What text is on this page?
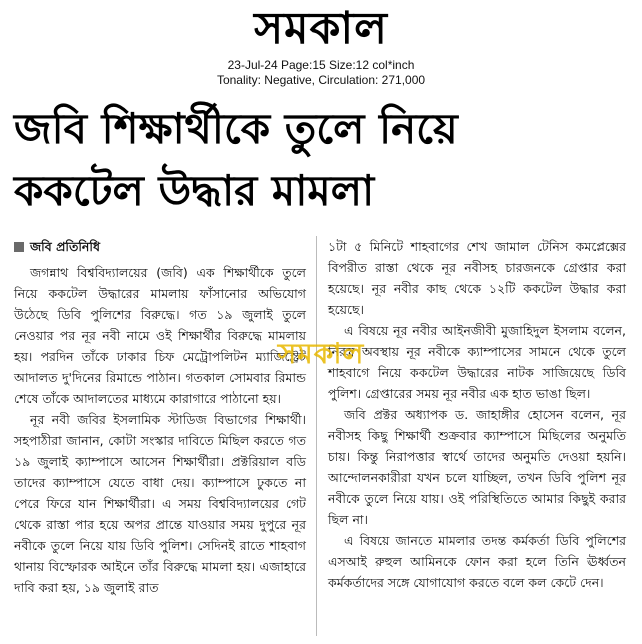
সমকাল
23-Jul-24 Page:15 Size:12 col*inch
Tonality: Negative, Circulation: 271,000
জবি শিক্ষার্থীকে তুলে নিয়ে
ককটেল উদ্ধার মামলা
জবি প্রতিনিধি

জগন্নাথ বিশ্ববিদ্যালয়ের (জবি) এক শিক্ষার্থীকে তুলে নিয়ে ককটেল উদ্ধারের মামলায় ফাঁসানোর অভিযোগ উঠেছে ডিবি পুলিশের বিরুদ্ধে। গত ১৯ জুলাই তুলে নেওয়ার পর নূর নবী নামে ওই শিক্ষার্থীর বিরুদ্ধে মামলায় হয়। পরদিন তাঁকে ঢাকার চিফ মেট্রোপলিটন ম্যাজিস্ট্রেট আদালত দু'দিনের রিমান্ডে পাঠান। গতকাল সোমবার রিমান্ড শেষে তাঁকে আদালতের মাধ্যমে কারাগারে পাঠানো হয়।

নূর নবী জবির ইসলামিক স্টাডিজ বিভাগের শিক্ষার্থী। সহপাঠীরা জানান, কোটা সংস্কার দাবিতে মিছিল করতে গত ১৯ জুলাই ক্যাম্পাসে আসেন শিক্ষার্থীরা। প্রক্টরিয়াল বডি তাদের ক্যাম্পাসে যেতে বাধা দেয়। ক্যাম্পাসে ঢুকতে না পেরে ফিরে যান শিক্ষার্থীরা। এ সময় বিশ্ববিদ্যালয়ের গেট থেকে রাস্তা পার হয়ে অপর প্রান্তে যাওয়ার সময় দুপুরে নূর নবীকে তুলে নিয়ে যায় ডিবি পুলিশ। সেদিনই রাতে শাহবাগ থানায় বিস্ফোরক আইনে তাঁর বিরুদ্ধে মামলা হয়। এজাহারে দাবি করা হয়, ১৯ জুলাই রাত

১টা ৫ মিনিটে শাহবাগের শেখ জামাল টেনিস কমপ্লেক্সের বিপরীত রাস্তা থেকে নূর নবীসহ চারজনকে গ্রেপ্তার করা হয়েছে। নূর নবীর কাছ থেকে ১২টি ককটেল উদ্ধার করা হয়েছে।

এ বিষয়ে নূর নবীর আইনজীবী মুজাহিদুল ইসলাম বলেন, নিরস্ত্র অবস্থায় নূর নবীকে ক্যাম্পাসের সামনে থেকে তুলে শাহবাগে নিয়ে ককটেল উদ্ধারের নাটক সাজিয়েছে ডিবি পুলিশ। গ্রেপ্তারের সময় নূর নবীর এক হাত ভাঙা ছিল।

জবি প্রক্টর অধ্যাপক ড. জাহাঙ্গীর হোসেন বলেন, নূর নবীসহ কিছু শিক্ষার্থী শুক্রবার ক্যাম্পাসে মিছিলের অনুমতি চায়। কিন্তু নিরাপত্তার স্বার্থে তাদের অনুমতি দেওয়া হয়নি। আন্দোলনকারীরা যখন চলে যাচ্ছিল, তখন ডিবি পুলিশ নূর নবীকে তুলে নিয়ে যায়। ওই পরিস্থিতিতে আমার কিছুই করার ছিল না।

এ বিষয়ে জানতে মামলার তদন্ত কর্মকর্তা ডিবি পুলিশের এসআই রুহুল আমিনকে ফোন করা হলে তিনি ঊর্ধ্বতন কর্মকর্তাদের সঙ্গে যোগাযোগ করতে বলে কল কেটে দেন।

সমকাল
